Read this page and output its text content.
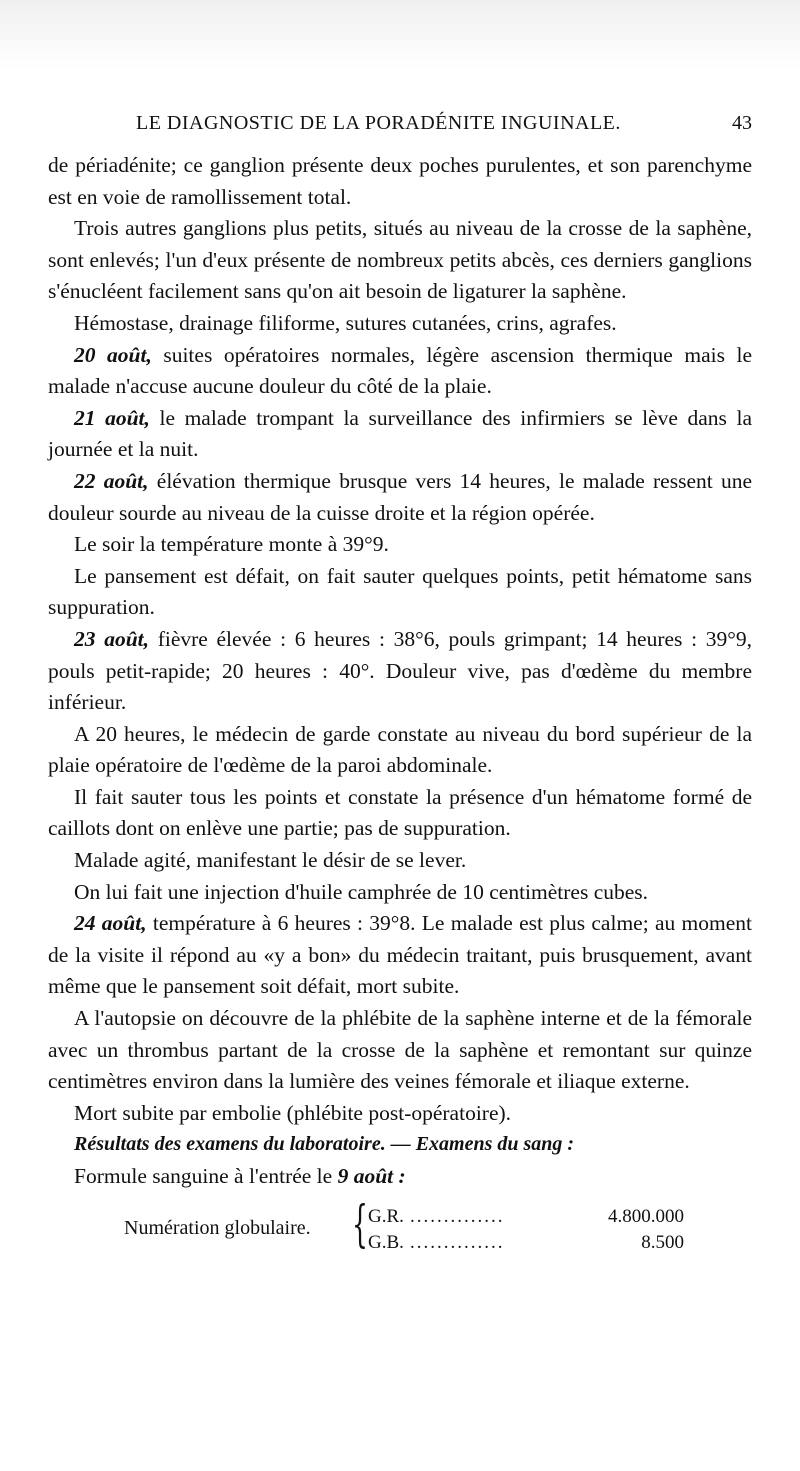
LE DIAGNOSTIC DE LA PORADÉNITE INGUINALE.	43

de périadénite; ce ganglion présente deux poches purulentes, et son parenchyme est en voie de ramollissement total.

Trois autres ganglions plus petits, situés au niveau de la crosse de la saphène, sont enlevés; l'un d'eux présente de nombreux petits abcès, ces derniers ganglions s'énucléent facilement sans qu'on ait besoin de ligaturer la saphène.

Hémostase, drainage filiforme, sutures cutanées, crins, agrafes.

20 août, suites opératoires normales, légère ascension thermique mais le malade n'accuse aucune douleur du côté de la plaie.

21 août, le malade trompant la surveillance des infirmiers se lève dans la journée et la nuit.

22 août, élévation thermique brusque vers 14 heures, le malade ressent une douleur sourde au niveau de la cuisse droite et la région opérée.

Le soir la température monte à 39°9.

Le pansement est défait, on fait sauter quelques points, petit hématome sans suppuration.

23 août, fièvre élevée : 6 heures : 38°6, pouls grimpant; 14 heures : 39°9, pouls petit-rapide; 20 heures : 40°. Douleur vive, pas d'œdème du membre inférieur.

A 20 heures, le médecin de garde constate au niveau du bord supérieur de la plaie opératoire de l'œdème de la paroi abdominale.

Il fait sauter tous les points et constate la présence d'un hématome formé de caillots dont on enlève une partie; pas de suppuration.

Malade agité, manifestant le désir de se lever.

On lui fait une injection d'huile camphrée de 10 centimètres cubes.

24 août, température à 6 heures : 39°8. Le malade est plus calme; au moment de la visite il répond au «y a bon» du médecin traitant, puis brusquement, avant même que le pansement soit défait, mort subite.

A l'autopsie on découvre de la phlébite de la saphène interne et de la fémorale avec un thrombus partant de la crosse de la saphène et remontant sur quinze centimètres environ dans la lumière des veines fémorale et iliaque externe.

Mort subite par embolie (phlébite post-opératoire).

Résultats des examens du laboratoire. — Examens du sang :

Formule sanguine à l'entrée le 9 août :

Numération globulaire. { G.R. ..............	4.800.000
G.B. ..............	8.500
